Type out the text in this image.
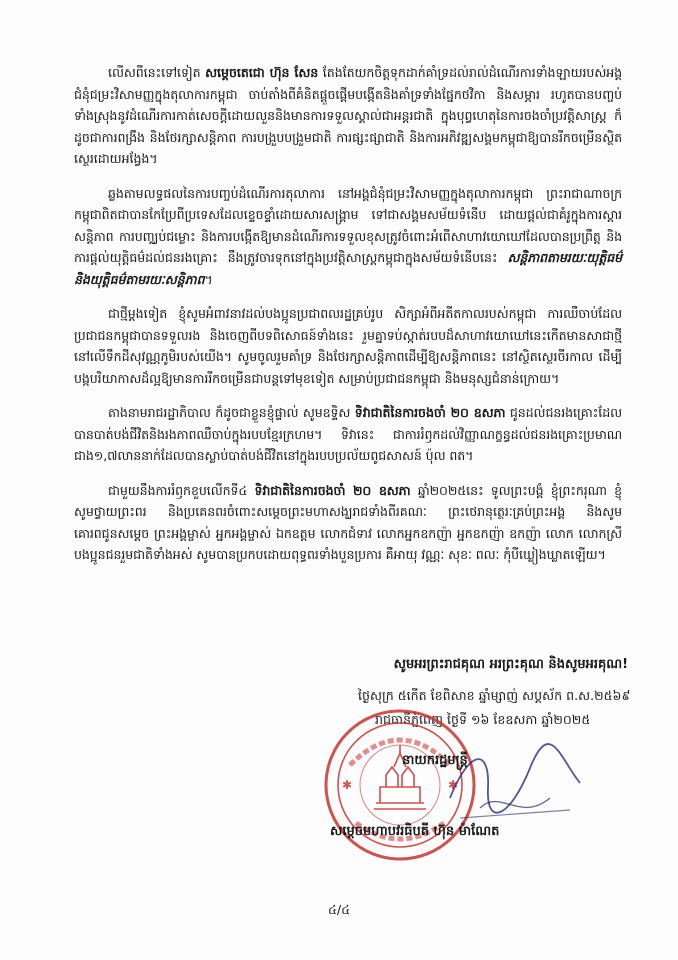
លើសពីនេះទៅទៀត សម្តេចតេជោ ហ៊ុន សែន តែងតែយកចិត្តទុកដាក់គាំទ្រដល់រាល់ដំណើរការទាំងឡាយរបស់អង្គជំនុំជម្រះវិសាមញ្ញក្នុងតុលាការកម្ពុជា ចាប់តាំងពីគំនិតផ្តួចផ្តើមបង្កើតនិងគាំទ្រទាំងផ្នែកថវិកា និងសម្ភារ រហូតបានបញ្ចប់ទាំងស្រុងនូវដំណើរការកាត់សេចក្តីដោយលួននិងមានការទទួលស្គាល់ជាអន្តរជាតិ ក្នុងបុព្វហេតុនៃការចងចាំប្រវត្តិសាស្ត្រ ក៏ដូចជាការពង្រឹង និងថែរក្សាសន្តិភាព ការបង្រួបបង្រួមជាតិ ការផ្សះផ្សាជាតិ និងការអភិវឌ្ឍសង្គមកម្ពុជាឱ្យបានរីកចម្រើនស្ថិតស្ថេរដោយអង្វែង។

ឆ្លងតាមលទ្ធផលនៃការបញ្ចប់ដំណើរការតុលាការ នៅអង្គជំនុំជម្រះវិសាមញ្ញក្នុងតុលាការកម្ពុជា ព្រះរាជាណាចក្រកម្ពុជាពិតជាបានកែប្រែពីប្រទេសដែលខ្ទេចខ្ទាំដោយសារសង្គ្រាម ទៅជាសង្គមសម័យទំនើប ដោយផ្តល់ជាគំរូក្នុងការស្តារសន្តិភាព ការបញ្ឈប់ជម្លោះ និងការបង្កើតឱ្យមានដំណើរការទទួលខុសត្រូវចំពោះអំពើសាហាវយោឃៅដែលបានប្រព្រឹត្ត និងការផ្តល់យុត្តិធម៌ដល់ជនរងគ្រោះ នឹងត្រូវចារទុកនៅក្នុងប្រវត្តិសាស្ត្រកម្ពុជាក្នុងសម័យទំនើបនេះ សន្តិភាពតាមរយៈយុត្តិធម៌ និងយុត្តិធម៌តាមរយៈសន្តិភាព។

ជាថ្មីម្តងទៀត ខ្ញុំសូមអំពាវនាវដល់បងប្អូនប្រជាពលរដ្ឋគ្រប់រូប សិក្សាអំពីអតីតកាលរបស់កម្ពុជា ការឈឺចាប់ដែលប្រជាជនកម្ពុជាបានទទួលរង និងចេញពីបទពិសោធន៍ទាំងនេះ រួមគ្នាទប់ស្កាត់របបដ៏សាហាវយោឃៅនេះកើតមានសាជាថ្មីនៅលើទឹកដីសុវណ្ណភូមិរបស់យើង។ សូមចូលរួមគាំទ្រ និងថែរក្សាសន្តិភាពដើម្បីឱ្យសន្តិភាពនេះ នៅស្ថិតស្ថេរចីរកាល ដើម្បីបង្កបរិយាកាសដ៏ល្អឱ្យមានការរីកចម្រើនជាបន្តទៅមុខទៀត សម្រាប់ប្រជាជនកម្ពុជា និងមនុស្សជំនាន់ក្រោយ។

តាងនាមរាជរដ្ឋាភិបាល ក៏ដូចជាខ្លួនខ្ញុំផ្ទាល់ សូមឧទ្ទិស ទិវាជាតិនៃការចងចាំ ២០ ឧសភា ជូនដល់ជនរងគ្រោះដែលបានបាត់បង់ជីវិតនិងរងភាពឈឺចាប់ក្នុងរបបខ្មែរក្រហម។ ទិវានេះ ជាការរំឭកដល់វិញ្ញាណក្ខន្ធដល់ជនរងគ្រោះប្រមាណជាង១,៧លាននាក់ដែលបានស្លាប់បាត់បង់ជីវិតនៅក្នុងរបបប្រល័យពូជសាសន៍ ប៉ុល ពត។

ជាមួយនឹងការរំឭកខួបលើកទី៤ ទិវាជាតិនៃការចងចាំ ២០ ឧសភា ឆ្នាំ២០២៥នេះ ទូលព្រះបង្គំ ខ្ញុំព្រះករុណា ខ្ញុំ សូមថ្វាយព្រះពរ និងប្រគេនពរចំពោះសម្តេចព្រះមហាសង្ឃរាជទាំងពីរគណៈ ព្រះថេរានុត្ថេរៈគ្រប់ព្រះអង្គ និងសូមគោរពជូនសម្តេច ព្រះអង្គម្ចាស់ អ្នកអង្គម្ចាស់ ឯកឧត្តម លោកជំទាវ លោកអ្នកឧកញ៉ា អ្នកឧកញ៉ា ឧកញ៉ា លោក លោកស្រី បងប្អូនជនរួមជាតិទាំងអស់ សូមបានប្រកបដោយពុទ្ធពរទាំងបួនប្រការ គឺអាយុ វណ្ណៈ សុខៈ ពលៈ កុំបីឃ្លៀងឃ្លាតឡើយ។

សូមអរព្រះរាជគុណ អរព្រះគុណ និងសូមអរគុណ!
ថ្ងៃសុក្រ ៥កើត ខែពិសាខ ឆ្នាំម្សាញ់ សប្តស័ក ព.ស.២៥៦៩
រាជធានីភ្នំពេញ ថ្ងៃទី ១៦ ខែឧសភា ឆ្នាំ២០២៥
✱	✱
នាយករដ្ឋមន្ត្រី
សម្តេចមហាបវរធិបតី ហ៊ុន ម៉ាណែត
៤/៤
